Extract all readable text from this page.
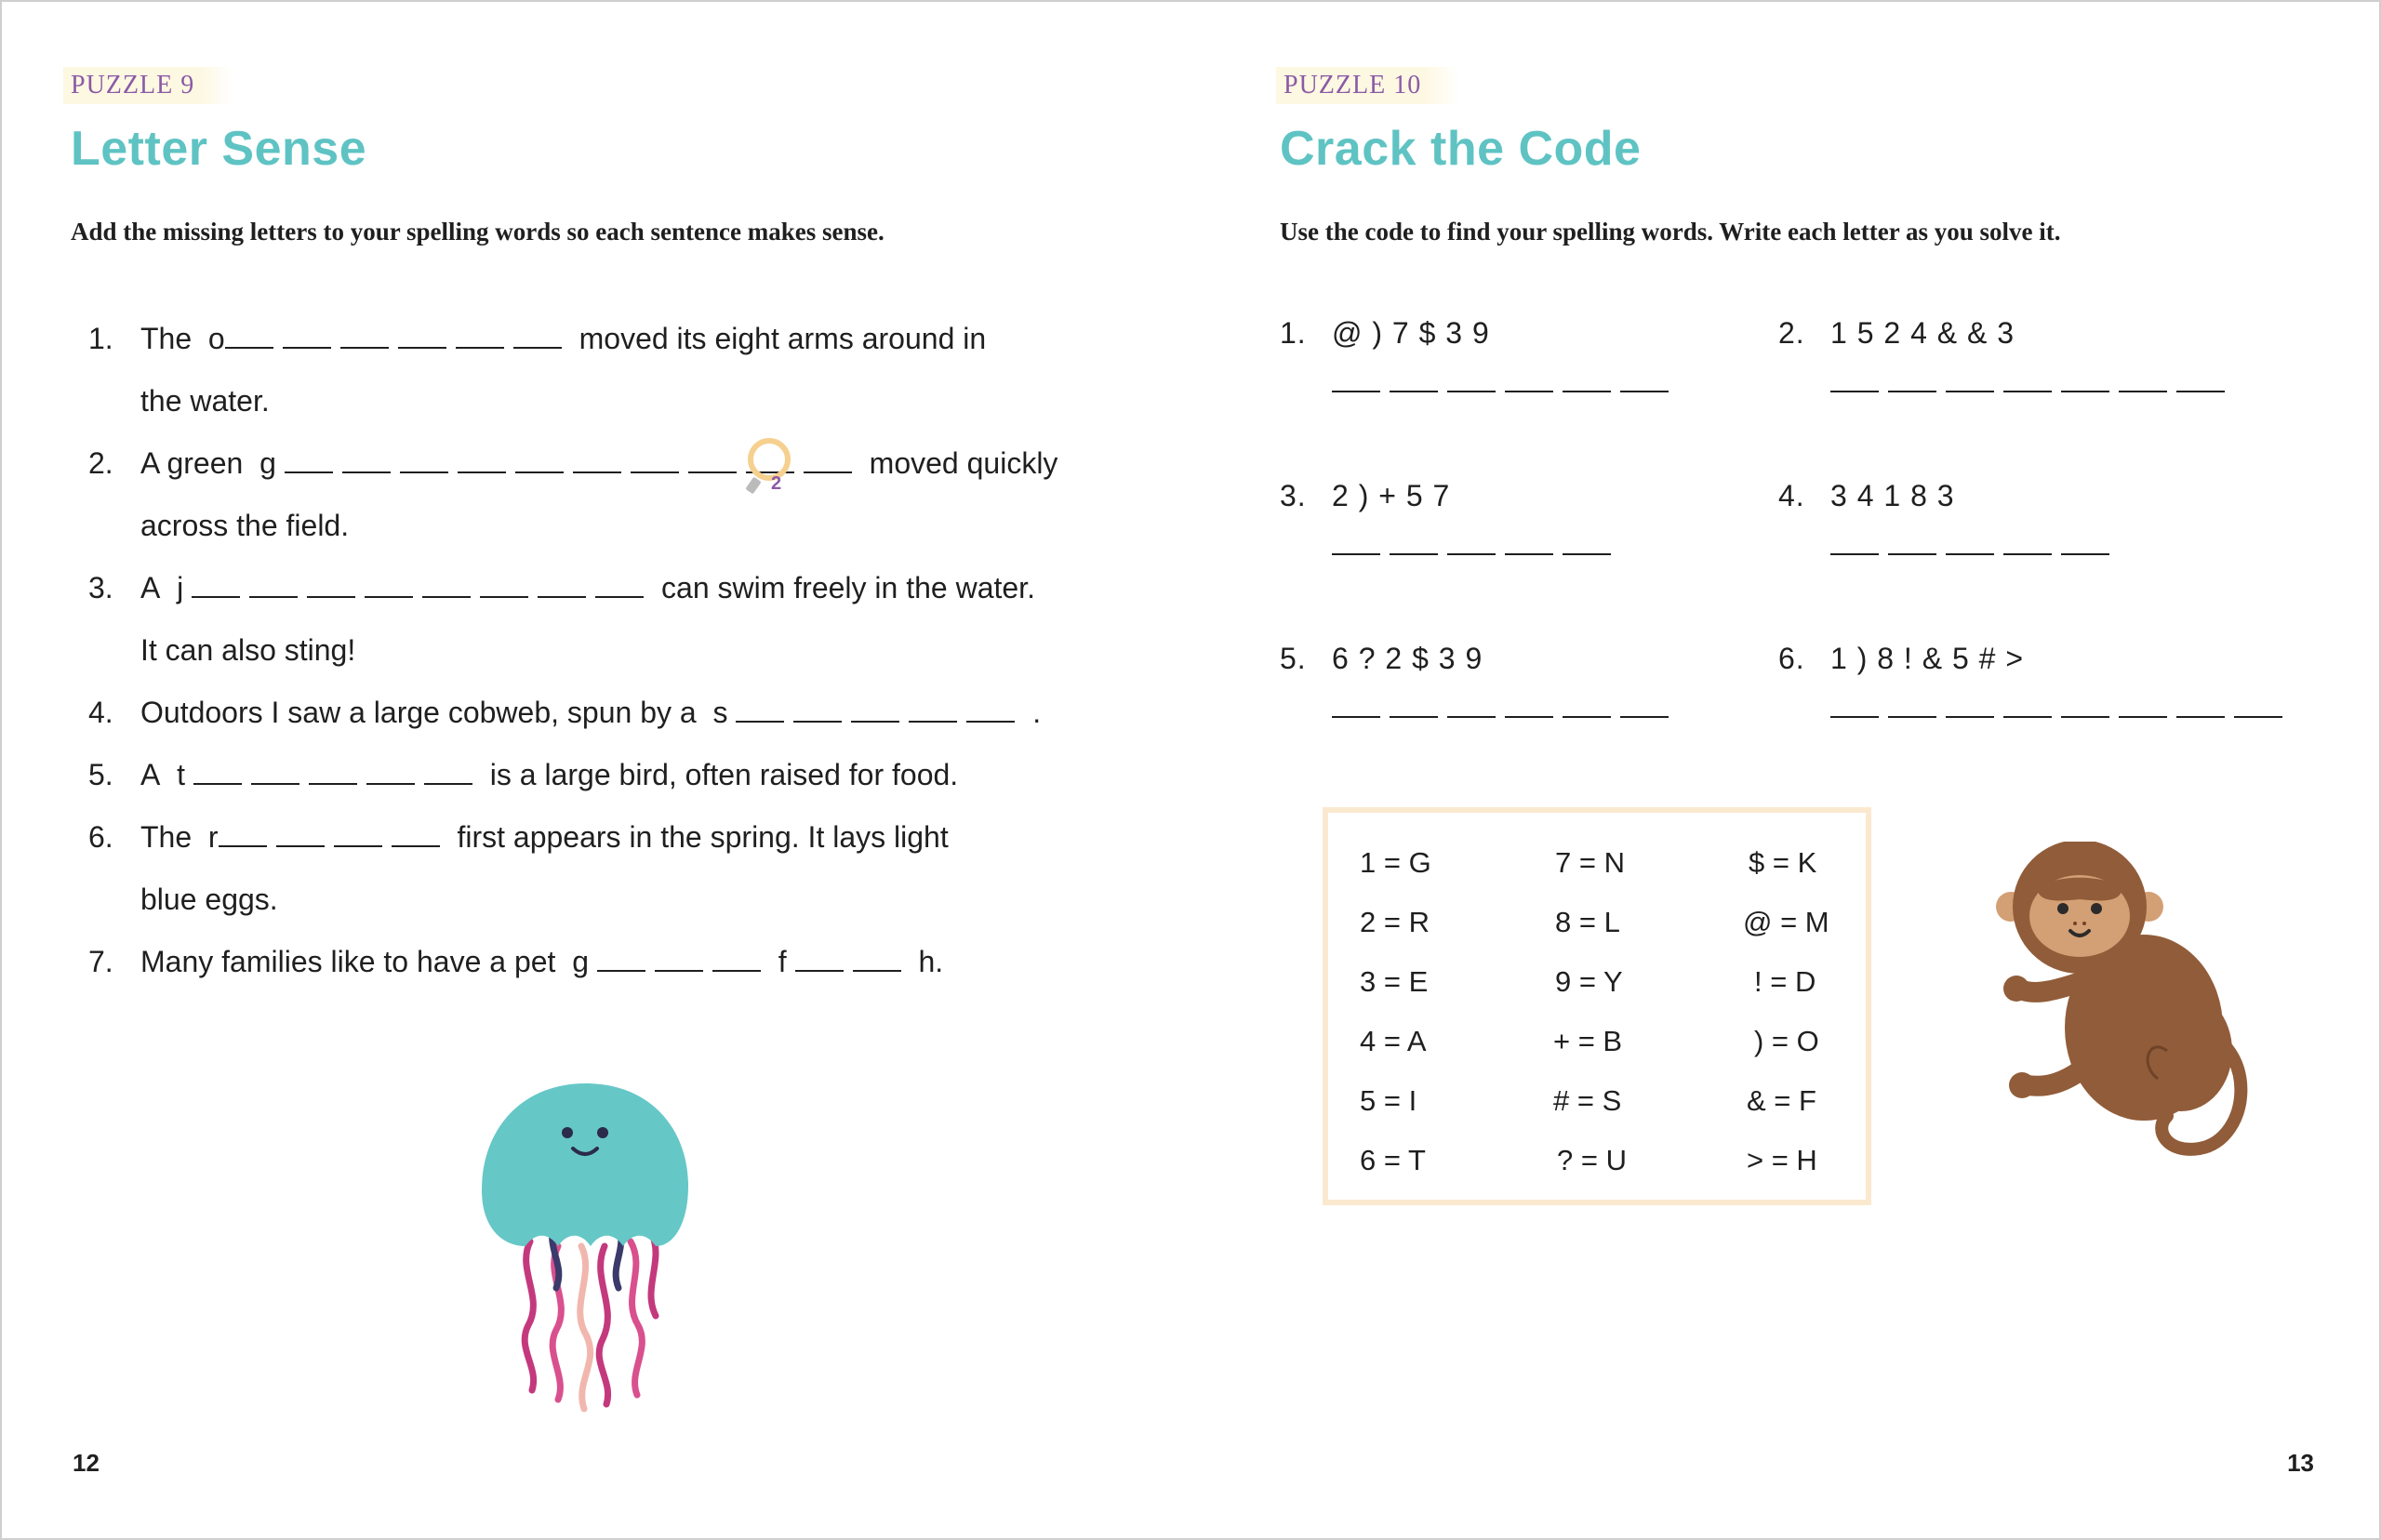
PUZZLE 9
Letter Sense
Add the missing letters to your spelling words so each sentence makes sense.
1. The o	moved its eight arms around in
the water.
2. A green g	moved quickly
2
across the field.
3. A j	can swim freely in the water.
It can also sting!
4. Outdoors I saw a large cobweb, spun by a s	.
5. A t	is a large bird, often raised for food.
6. The r	first appears in the spring. It lays light
blue eggs.
7. Many families like to have a pet g	f	h.
12
PUZZLE 10
Crack the Code
Use the code to find your spelling words. Write each letter as you solve it.
1. @ ) 7 $ 3 9	2. 1 5 2 4 & & 3
3. 2 ) + 5 7	4. 3 4 1 8 3
5. 6 ? 2 $ 3 9	6. 1 ) 8 ! & 5 # >
1 = G	7 = N	$ = K
2 = R	8 = L	@ = M
3 = E	9 = Y	! = D
4 = A	+ = B	) = O
5 = I	# = S	& = F
6 = T	? = U	> = H
13
